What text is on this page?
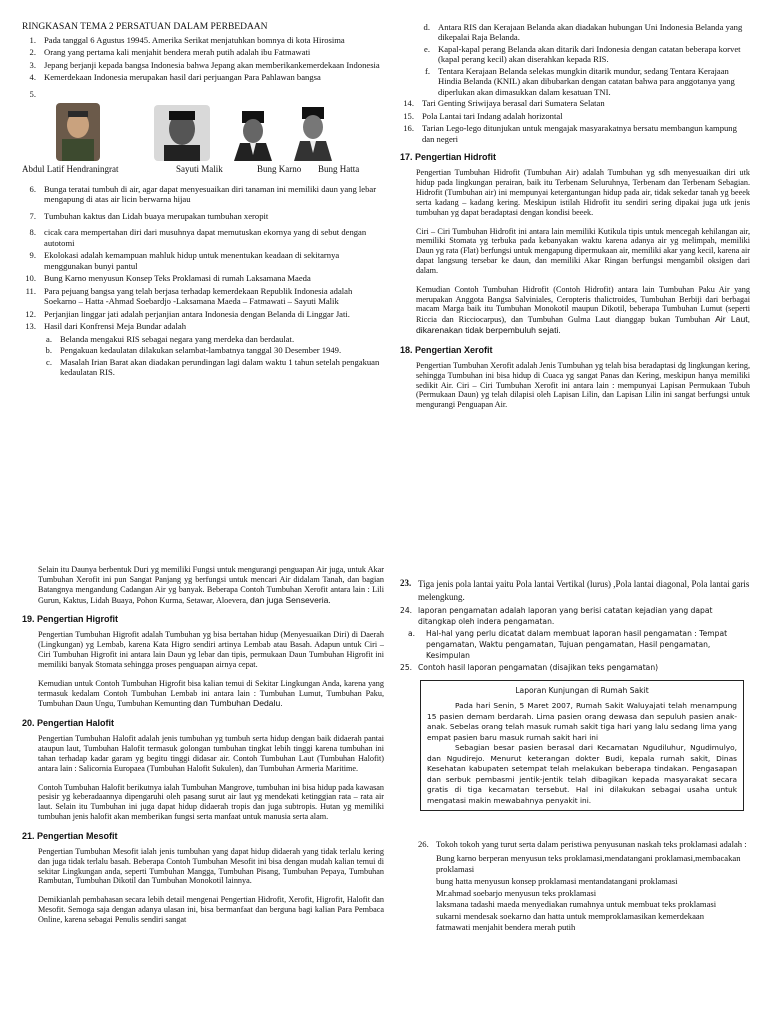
RINGKASAN TEMA 2 PERSATUAN DALAM PERBEDAAN
1. Pada tanggal 6 Agustus 19945. Amerika Serikat menjatuhkan bomnya di kota Hirosima
2. Orang yang pertama kali menjahit bendera merah putih adalah ibu Fatmawati
3. Jepang berjanji kepada bangsa Indonesia bahwa Jepang akan memberikankemerdekaan Indonesia
4. Kemerdekaan Indonesia merupakan hasil dari perjuangan Para Pahlawan bangsa
5.
Abdul Latif Hendraningrat	Sayuti Malik	Bung Karno Bung Hatta
6. Bunga teratai tumbuh di air, agar dapat menyesuaikan diri tanaman ini memiliki daun yang lebar mengapung di atas air licin berwarna hijau
7. Tumbuhan kaktus dan Lidah buaya merupakan tumbuhan xeropit
8. cicak cara mempertahan diri dari musuhnya dapat memutuskan ekornya yang di sebut dengan autotomi
9. Ekolokasi adalah kemampuan mahluk hidup untuk menentukan keadaan di sekitarnya menggunakan bunyi pantul
10. Bung Karno menyusun Konsep Teks Proklamasi di rumah Laksamana Maeda
11. Para pejuang bangsa yang telah berjasa terhadap kemerdekaan Republik Indonesia adalah Soekarno – Hatta -Ahmad Soebardjo -Laksamana Maeda – Fatmawati – Sayuti Malik
12. Perjanjian linggar jati adalah perjanjian antara Indonesia dengan Belanda di Linggar Jati.
13. Hasil dari Konfrensi Meja Bundar adalah
a. Belanda mengakui RIS sebagai negara yang merdeka dan berdaulat.
b. Pengakuan kedaulatan dilakukan selambat-lambatnya tanggal 30 Desember 1949.
c. Masalah Irian Barat akan diadakan perundingan lagi dalam waktu 1 tahun setelah pengakuan kedaulatan RIS.
d. Antara RIS dan Kerajaan Belanda akan diadakan hubungan Uni Indonesia Belanda yang dikepalai Raja Belanda.
e. Kapal-kapal perang Belanda akan ditarik dari Indonesia dengan catatan beberapa korvet (kapal perang kecil) akan diserahkan kepada RIS.
f. Tentara Kerajaan Belanda selekas mungkin ditarik mundur, sedang Tentara Kerajaan Hindia Belanda (KNIL) akan dibubarkan dengan catatan bahwa para anggotanya yang diperlukan akan dimasukkan dalam kesatuan TNI.
14. Tari Genting Sriwijaya berasal dari Sumatera Selatan
15. Pola Lantai tari Indang adalah horizontal
16. Tarian Lego-lego ditunjukan untuk mengajak masyarakatnya bersatu membangun kampung dan negeri
17. Pengertian Hidrofit

Pengertian Tumbuhan Hidrofit (Tumbuhan Air) adalah Tumbuhan yg sdh menyesuaikan diri utk hidup pada lingkungan perairan, baik itu Terbenam Seluruhnya, Terbenam dan Terbenam Sebagian. Hidrofit (Tumbuhan air) ini mempunyai ketergantungan hidup pada air, tidak sekedar tanah yg beeek serta kadang – kadang kering. Meskipun istilah Hidrofit itu sendiri sering dipakai juga utk jenis tumbuhan yg dapat beradaptasi dengan kondisi beeek.

Ciri – Ciri Tumbuhan Hidrofit ini antara lain memiliki Kutikula tipis untuk mencegah kehilangan air, memiliki Stomata yg terbuka pada kebanyakan waktu karena adanya air yg melimpah, memiliki Daun yg rata (Flat) berfungsi untuk mengapung dipermukaan air, memiliki akar yang kecil, karena air dapat langsung tersebar ke daun, dan memiliki Akar Ringan berfungsi mengambil oksigen dari dalam.

Kemudian Contoh Tumbuhan Hidrofit (Contoh Hidrofit) antara lain Tumbuhan Paku Air yang merupakan Anggota Bangsa Salviniales, Ceropteris thalictroides, Tumbuhan Berbiji dari berbagai macam Marga baik itu Tumbuhan Monokotil maupun Dikotil, beberapa Tumbuhan Lumut (seperti Riccia dan Ricciocarpus), dan Tumbuhan Gulma Laut dianggap bukan Tumbuhan Air Laut, dikarenakan tidak berpembuluh sejati.

18. Pengertian Xerofit

Pengertian Tumbuhan Xerofit adalah Jenis Tumbuhan yg telah bisa beradaptasi dg lingkungan kering, sehingga Tumbuhan ini bisa hidup di Cuaca yg sangat Panas dan Kering, meskipun hanya memiliki sedikit Air. Ciri – Ciri Tumbuhan Xerofit ini antara lain : mempunyai Lapisan Permukaan Tubuh (Permukaan Daun) yg telah dilapisi oleh Lapisan Lilin, dan Lapisan Lilin ini sangat berfungsi untuk mengurangi Penguapan Air.

Selain itu Daunya berbentuk Duri yg memiliki Fungsi untuk mengurangi penguapan Air juga, untuk Akar Tumbuhan Xerofit ini pun Sangat Panjang yg berfungsi untuk mencari Air didalam Tanah, dan bagian Batangnya mengandung Cadangan Air yg banyak. Beberapa Contoh Tumbuhan Xerofit antara lain : Lili Gurun, Kaktus, Lidah Buaya, Pohon Kurma, Setawar, Aloevera, dan juga Senseveria.

19. Pengertian Higrofit

Pengertian Tumbuhan Higrofit adalah Tumbuhan yg bisa bertahan hidup (Menyesuaikan Diri) di Daerah (Lingkungan) yg Lembab, karena Kata Higro sendiri artinya Lembab atau Basah. Adapun untuk Ciri – Ciri Tumbuhan Higrofit ini antara lain Daun yg lebar dan tipis, permukaan Daun Tumbuhan Higrofit ini memiliki banyak Stomata sehingga proses penguapan airnya cepat.

Kemudian untuk Contoh Tumbuhan Higrofit bisa kalian temui di Sekitar Lingkungan Anda, karena yang termasuk kedalam Contoh Tumbuhan Lembab ini antara lain : Tumbuhan Lumut, Tumbuhan Paku, Tumbuhan Daun Ungu, Tumbuhan Kemunting dan Tumbuhan Dedalu.

20. Pengertian Halofit

Pengertian Tumbuhan Halofit adalah jenis tumbuhan yg tumbuh serta hidup dengan baik didaerah pantai ataupun laut, Tumbuhan Halofit termasuk golongan tumbuhan tingkat lebih tinggi karena tumbuhan ini tahan terhadap kadar garam yg begitu tinggi didasar air. Contoh Tumbuhan Laut (Tumbuhan Halofit) antara lain : Salicornia Europaea (Tumbuhan Halofit Sukulen), dan Tumbuhan Armeria Maritime.

Contoh Tumbuhan Halofit berikutnya ialah Tumbuhan Mangrove, tumbuhan ini bisa hidup pada kawasan pesisir yg keberadaannya dipengaruhi oleh pasang surut air laut yg mendekati ketinggian rata – rata air laut. Selain itu Tumbuhan ini juga dapat hidup didaerah tropis dan juga subtropis. Hutan yg memiliki tumbuhan jenis halofit akan memberikan fungsi serta manfaat untuk manusia serta alam.

21. Pengertian Mesofit

Pengertian Tumbuhan Mesofit ialah jenis tumbuhan yang dapat hidup didaerah yang tidak terlalu kering dan juga tidak terlalu basah. Beberapa Contoh Tumbuhan Mesofit ini bisa dengan mudah kalian temui di sekitar Lingkungan anda, seperti Tumbuhan Mangga, Tumbuhan Pisang, Tumbuhan Pepaya, Tumbuhan Rambutan, Tumbuhan Dikotil dan Tumbuhan Monokotil lainnya.

Demikianlah pembahasan secara lebih detail mengenai Pengertian Hidrofit, Xerofit, Higrofit, Halofit dan Mesofit. Semoga saja dengan adanya ulasan ini, bisa bermanfaat dan berguna bagi kalian Para Pembaca Online, karena sebagai Penulis sendiri sangat

23. Tiga jenis pola lantai yaitu Pola lantai Vertikal (lurus) ,Pola lantai diagonal, Pola lantai garis melengkung.
24. laporan pengamatan adalah laporan yang berisi catatan kejadian yang dapat ditangkap oleh indera pengamatan.
a.	Hal-hal yang perlu dicatat dalam membuat laporan hasil pengamatan : Tempat pengamatan, Waktu pengamatan, Tujuan pengamatan, Hasil pengamatan, Kesimpulan
25. Contoh hasil laporan pengamatan (disajikan teks pengamatan)
Laporan Kunjungan di Rumah Sakit

Pada hari Senin, 5 Maret 2007, Rumah Sakit Waluyajati telah menampung 15 pasien demam berdarah. Lima pasien orang dewasa dan sepuluh pasien anak-anak. Sebelas orang telah masuk rumah sakit tiga hari yang lalu sedang lima yang empat pasien baru masuk rumah sakit hari ini

Sebagian besar pasien berasal dari Kecamatan Ngudiluhur, Ngudimulyo, dan Ngudirejo. Menurut keterangan dokter Budi, kepala rumah sakit, Dinas Kesehatan kabupaten setempat telah melakukan beberapa tindakan. Pengasapan dan serbuk pembasmi jentik-jentik telah dibagikan kepada masyarakat secara gratis di tiga kecamatan tersebut. Hal ini dilakukan sebagai usaha untuk mengatasi makin mewabahnya penyakit ini.

26. Tokoh tokoh yang turut serta dalam peristiwa penyusunan naskah teks proklamasi adalah :

Bung karno berperan menyusun teks proklamasi,mendatangani proklamasi,membacakan proklamasi

bung hatta menyusun konsep proklamasi mentandatangani proklamasi

Mr.ahmad soebarjo menyusun teks proklamasi

laksmana tadashi maeda menyediakan rumahnya untuk membuat teks proklamasi

sukarni mendesak soekarno dan hatta untuk memproklamasikan kemerdekaan

fatmawati menjahit bendera merah putih
